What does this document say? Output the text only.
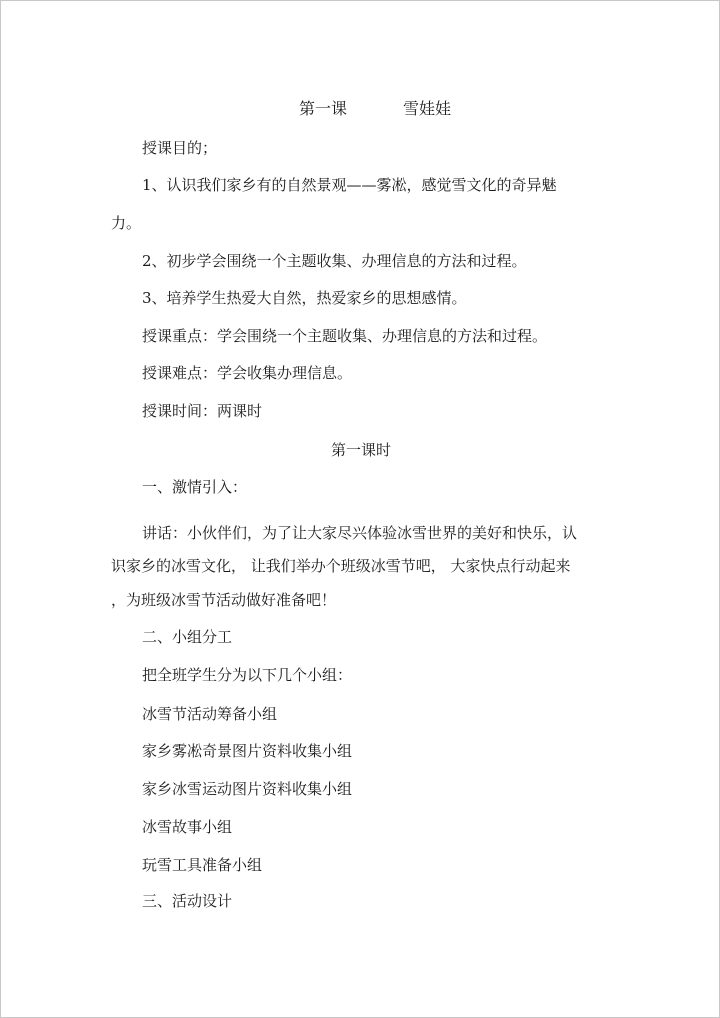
第一课	雪娃娃
授课目的；
1、认识我们家乡有的自然景观——雾凇，感觉雪文化的奇异魅
力。
2、初步学会围绕一个主题收集、办理信息的方法和过程。
3、培养学生热爱大自然，热爱家乡的思想感情。
授课重点：学会围绕一个主题收集、办理信息的方法和过程。
授课难点：学会收集办理信息。
授课时间：两课时
第一课时
一、激情引入：
讲话：小伙伴们，为了让大家尽兴体验冰雪世界的美好和快乐，认
识家乡的冰雪文化， 让我们举办个班级冰雪节吧， 大家快点行动起来
，为班级冰雪节活动做好准备吧！
二、小组分工
把全班学生分为以下几个小组：
冰雪节活动筹备小组
家乡雾凇奇景图片资料收集小组
家乡冰雪运动图片资料收集小组
冰雪故事小组
玩雪工具准备小组
三、活动设计
